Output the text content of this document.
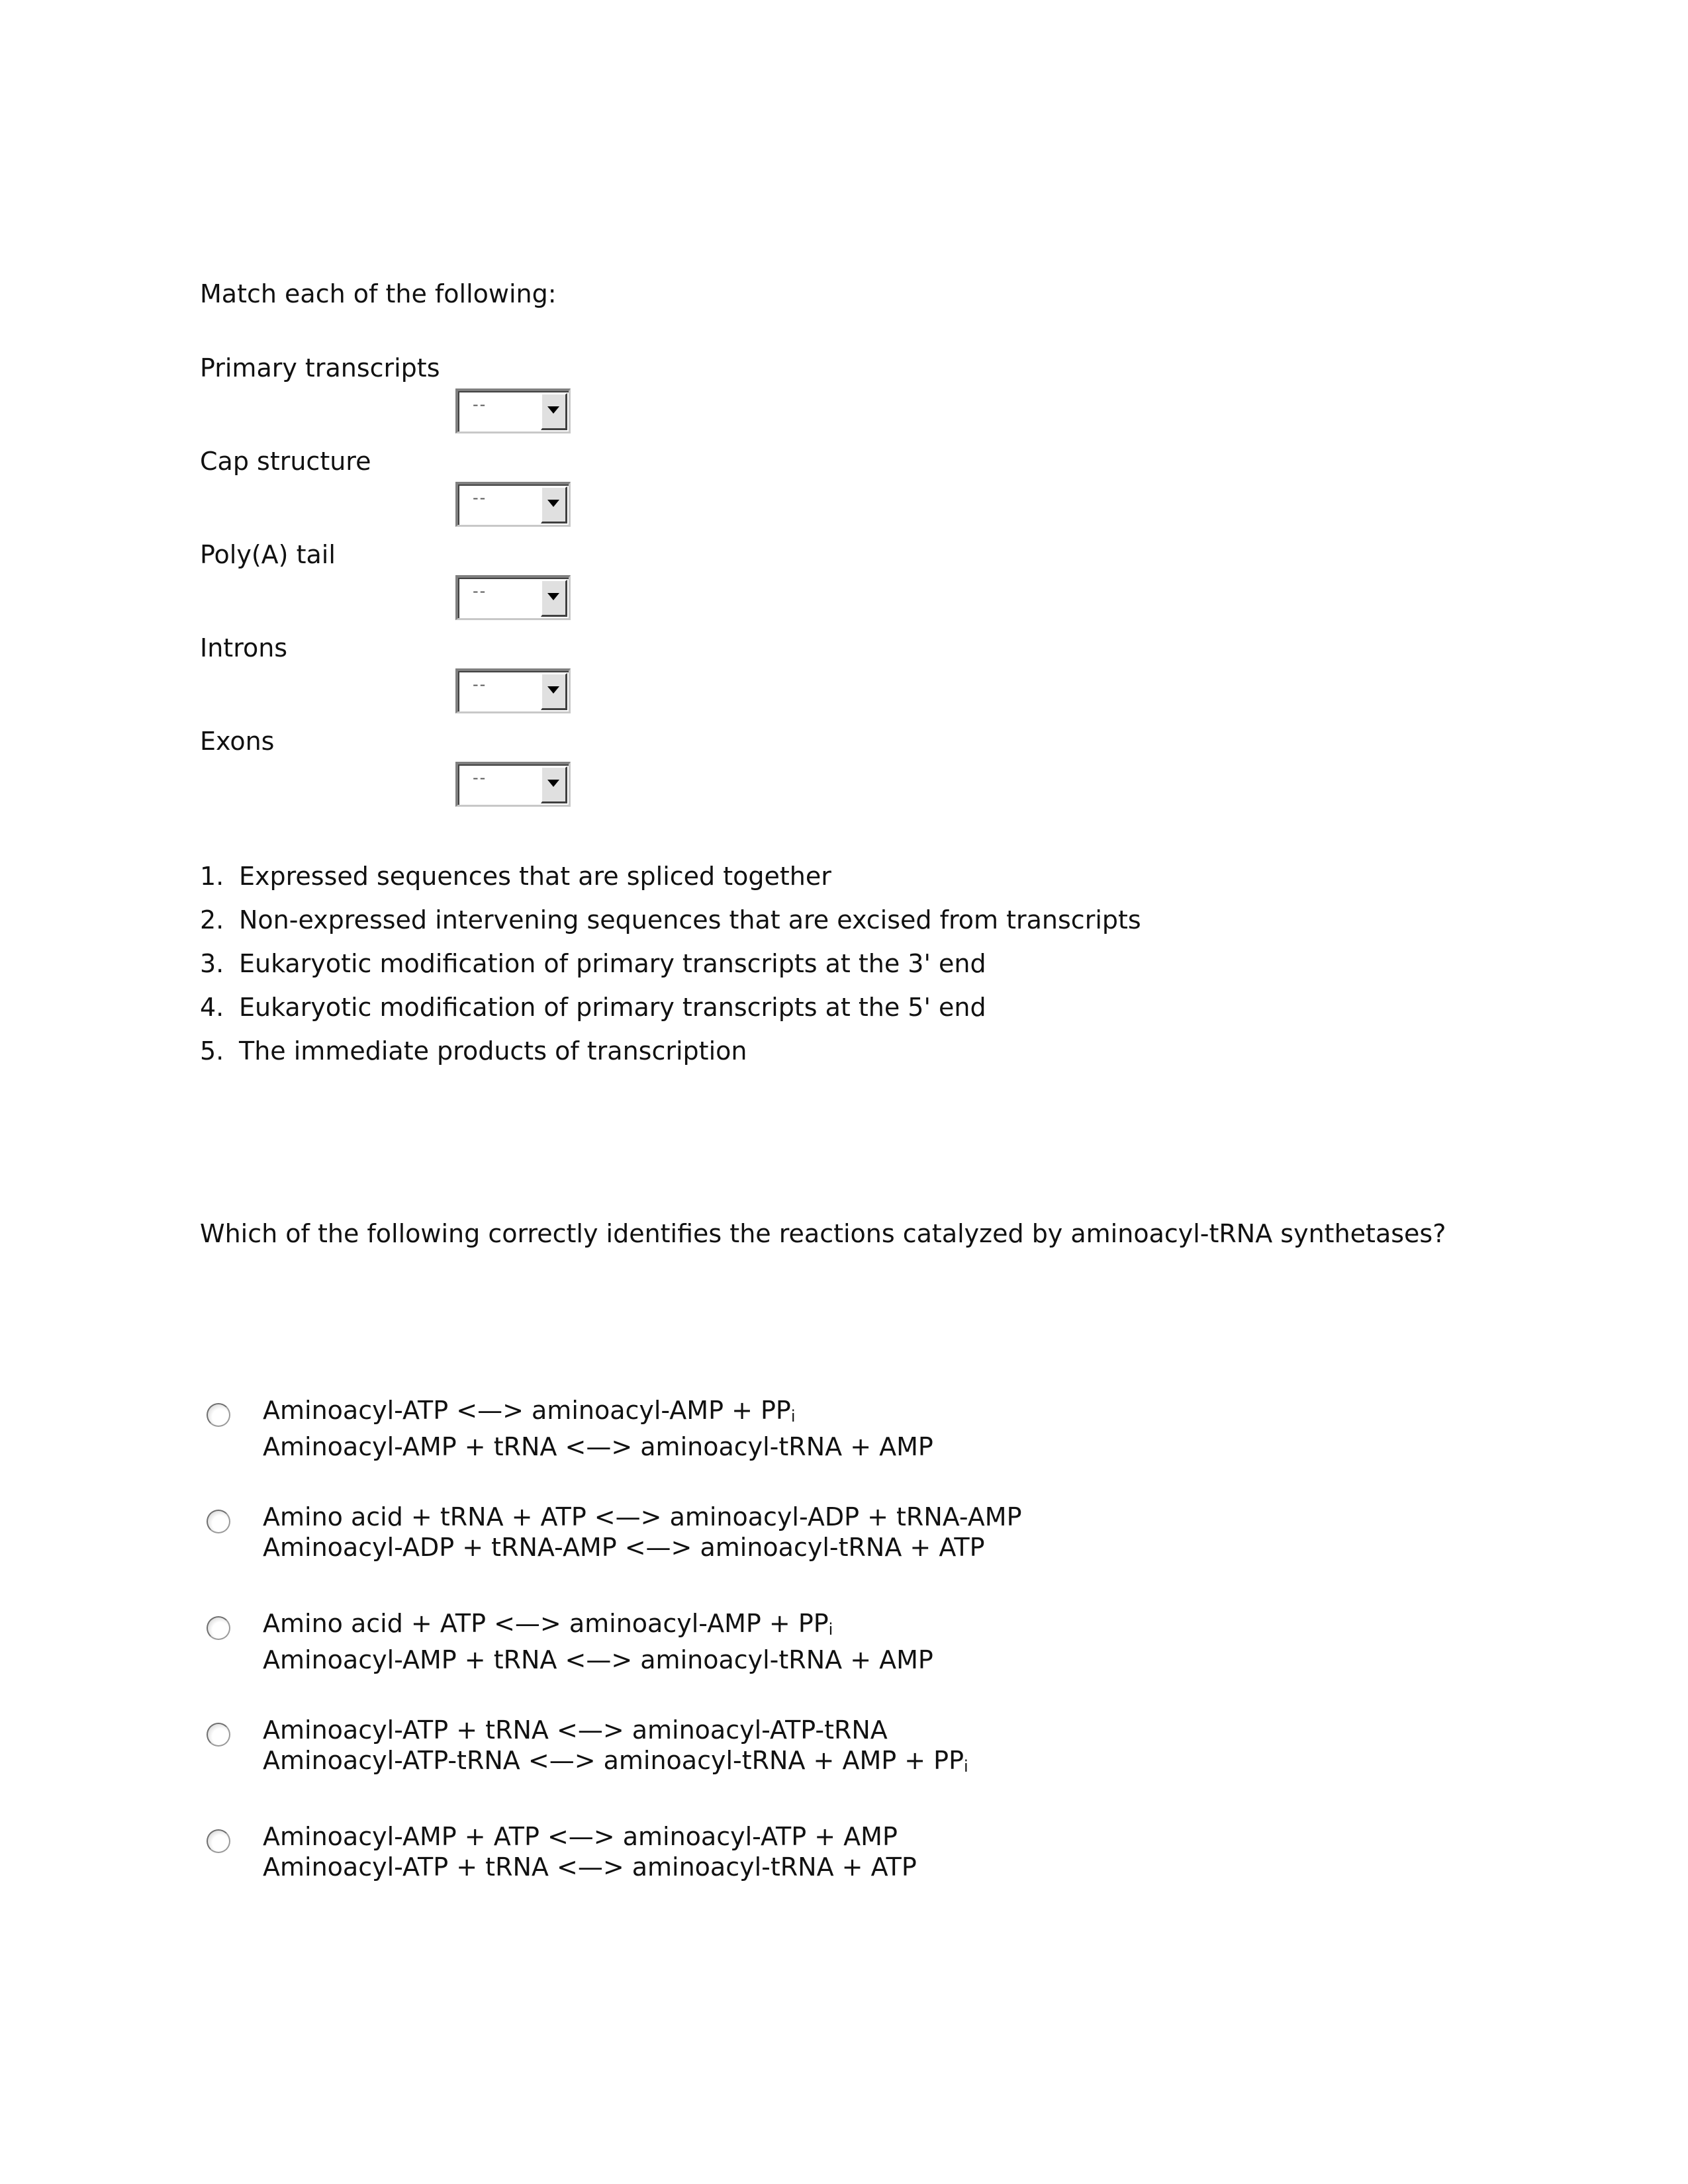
Match each of the following:
Primary transcripts
--
Cap structure
--
Poly(A) tail
--
Introns
--
Exons
--
1. Expressed sequences that are spliced together
2. Non-expressed intervening sequences that are excised from transcripts
3. Eukaryotic modification of primary transcripts at the 3' end
4. Eukaryotic modification of primary transcripts at the 5' end
5. The immediate products of transcription
Which of the following correctly identifies the reactions catalyzed by aminoacyl-tRNA synthetases?
Aminoacyl-ATP <—> aminoacyl-AMP + $PP_i$
Aminoacyl-AMP + tRNA <—> aminoacyl-tRNA + AMP
Amino acid + tRNA + ATP <—> aminoacyl-ADP + tRNA-AMP
Aminoacyl-ADP + tRNA-AMP <—> aminoacyl-tRNA + ATP
Amino acid + ATP <—> aminoacyl-AMP + $PP_i$
Aminoacyl-AMP + tRNA <—> aminoacyl-tRNA + AMP
Aminoacyl-ATP + tRNA <—> aminoacyl-ATP-tRNA
Aminoacyl-ATP-tRNA <—> aminoacyl-tRNA + AMP + $PP_i$
Aminoacyl-AMP + ATP <—> aminoacyl-ATP + AMP
Aminoacyl-ATP + tRNA <—> aminoacyl-tRNA + ATP
